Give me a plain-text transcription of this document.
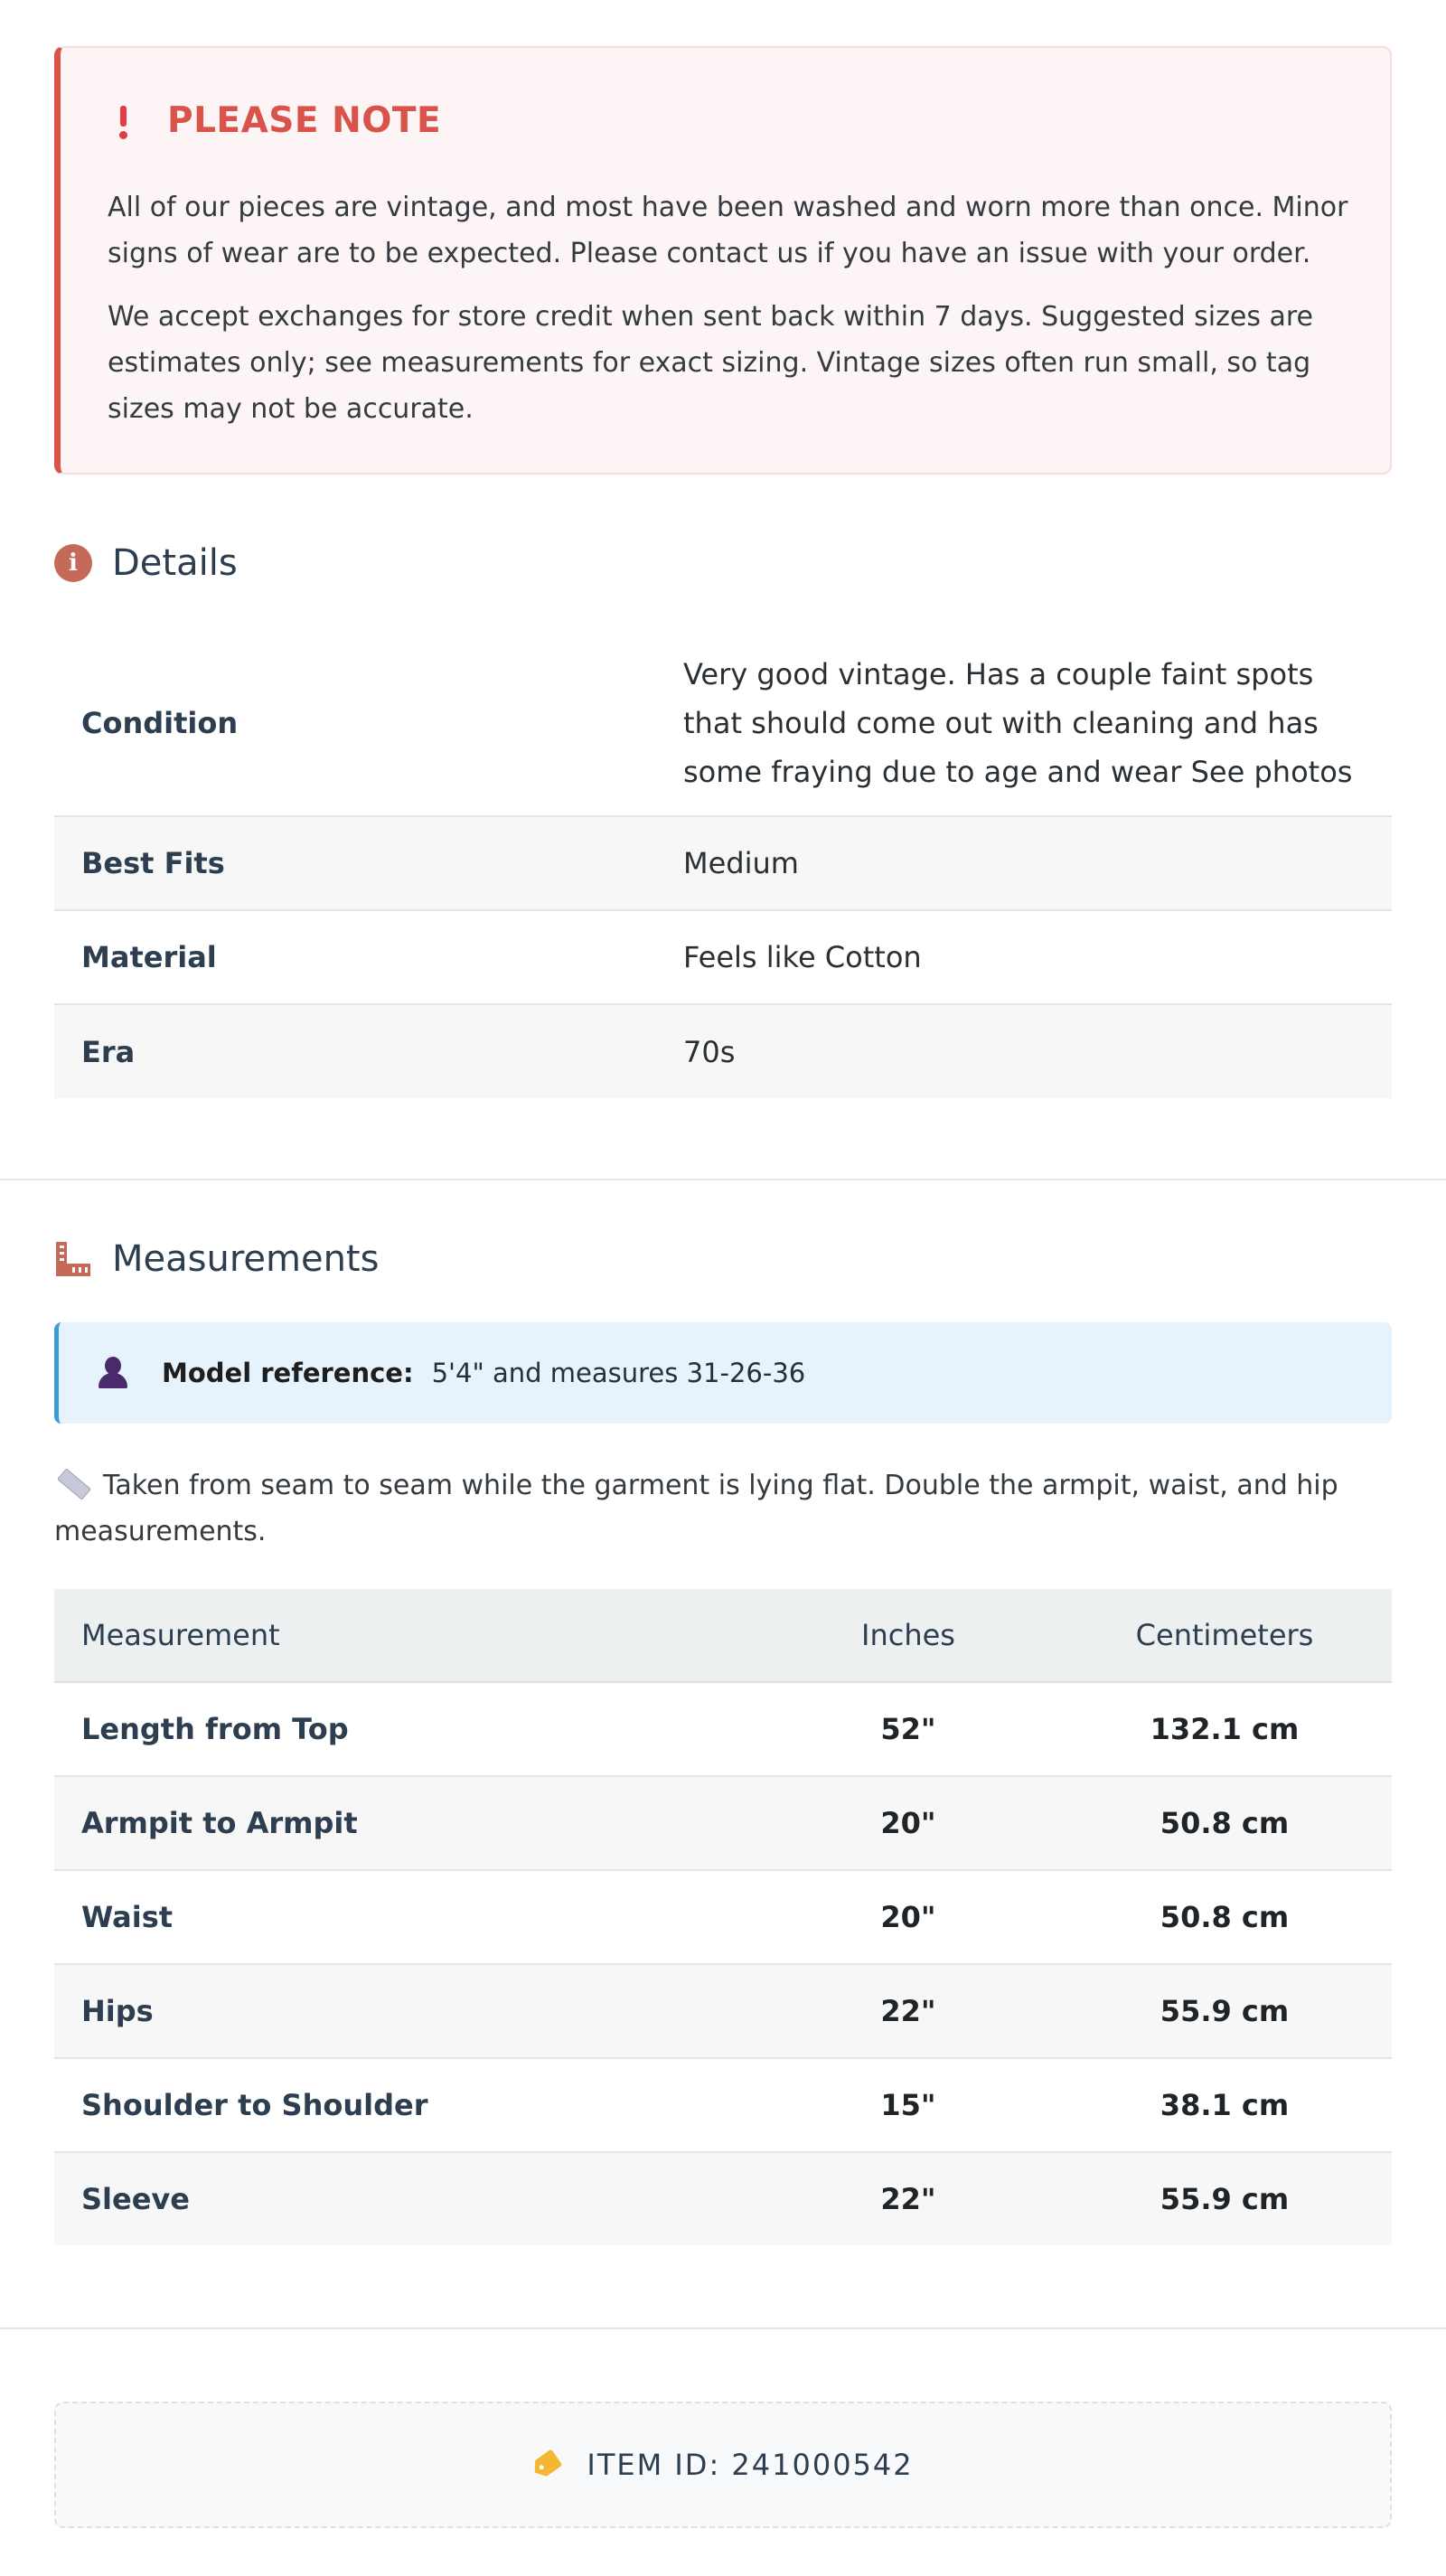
PLEASE NOTE

All of our pieces are vintage, and most have been washed and worn more than once. Minor signs of wear are to be expected. Please contact us if you have an issue with your order.

We accept exchanges for store credit when sent back within 7 days. Suggested sizes are estimates only; see measurements for exact sizing. Vintage sizes often run small, so tag sizes may not be accurate.

i Details
Condition	Very good vintage. Has a couple faint spots that should come out with cleaning and has some fraying due to age and wear See photos
Best Fits	Medium
Material	Feels like Cotton
Era	70s
Measurements
Model reference: 5'4" and measures 31-26-36

Taken from seam to seam while the garment is lying flat. Double the armpit, waist, and hip measurements.

Measurement	Inches	Centimeters
Length from Top	52"	132.1 cm
Armpit to Armpit	20"	50.8 cm
Waist	20"	50.8 cm
Hips	22"	55.9 cm
Shoulder to Shoulder	15"	38.1 cm
Sleeve	22"	55.9 cm
ITEM ID: 241000542
